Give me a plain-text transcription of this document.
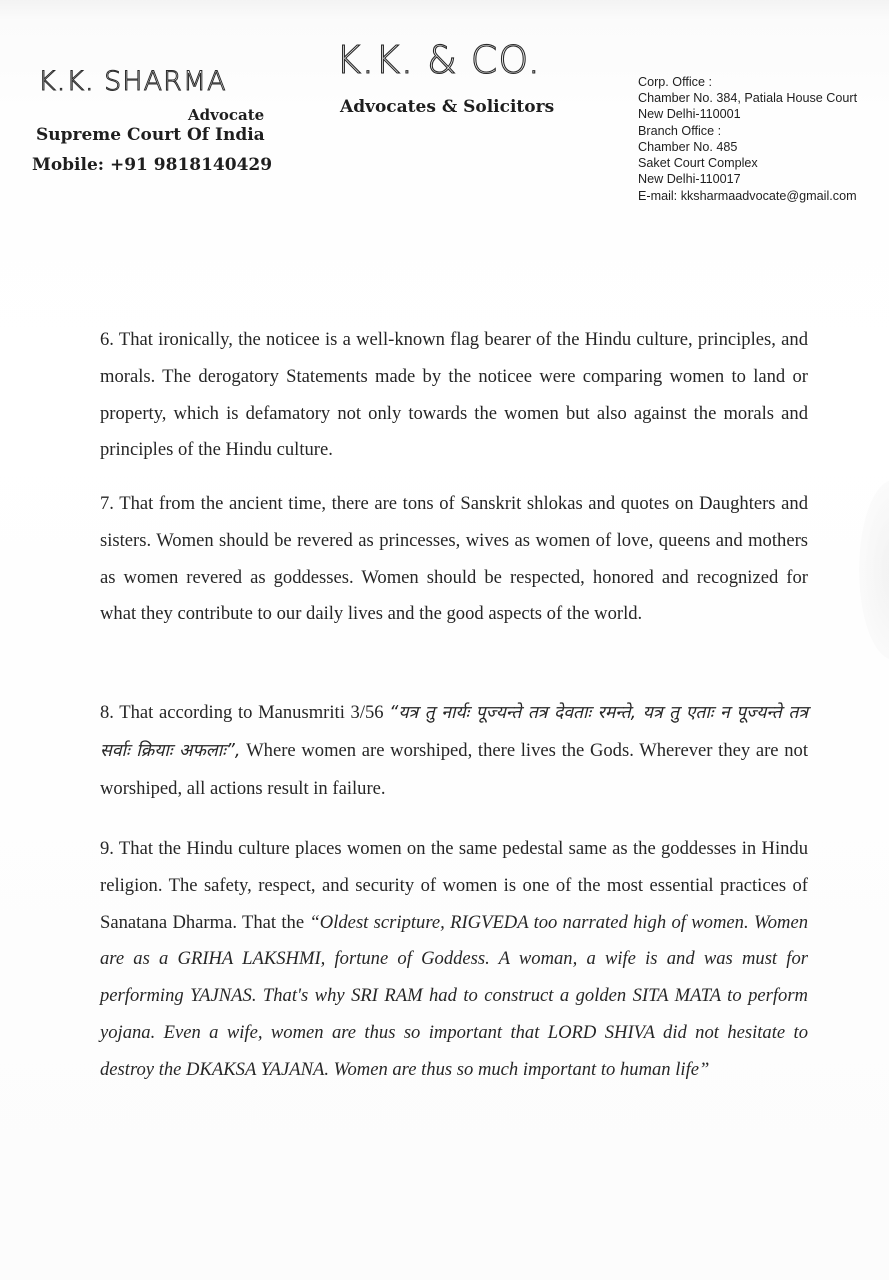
K.K. SHARMA
Advocate
Supreme Court Of India
Mobile: +91 9818140429
K.K. & CO.
Advocates & Solicitors
Corp. Office :
Chamber No. 384, Patiala House Court
New Delhi-110001
Branch Office :
Chamber No. 485
Saket Court Complex
New Delhi-110017
E-mail: kksharmaadvocate@gmail.com

6. That ironically, the noticee is a well-known flag bearer of the Hindu culture, principles, and morals. The derogatory Statements made by the noticee were comparing women to land or property, which is defamatory not only towards the women but also against the morals and principles of the Hindu culture.

7. That from the ancient time, there are tons of Sanskrit shlokas and quotes on Daughters and sisters. Women should be revered as princesses, wives as women of love, queens and mothers as women revered as goddesses. Women should be respected, honored and recognized for what they contribute to our daily lives and the good aspects of the world.

8. That according to Manusmriti 3/56 “यत्र तु नार्यः पूज्यन्ते तत्र देवताः रमन्ते, यत्र तु एताः न पूज्यन्ते तत्र सर्वाः क्रियाः अफलाः”, Where women are worshiped, there lives the Gods. Wherever they are not worshiped, all actions result in failure.

9. That the Hindu culture places women on the same pedestal same as the goddesses in Hindu religion. The safety, respect, and security of women is one of the most essential practices of Sanatana Dharma. That the “Oldest scripture, RIGVEDA too narrated high of women. Women are as a GRIHA LAKSHMI, fortune of Goddess. A woman, a wife is and was must for performing YAJNAS. That's why SRI RAM had to construct a golden SITA MATA to perform yojana. Even a wife, women are thus so important that LORD SHIVA did not hesitate to destroy the DKAKSA YAJANA. Women are thus so much important to human life”
